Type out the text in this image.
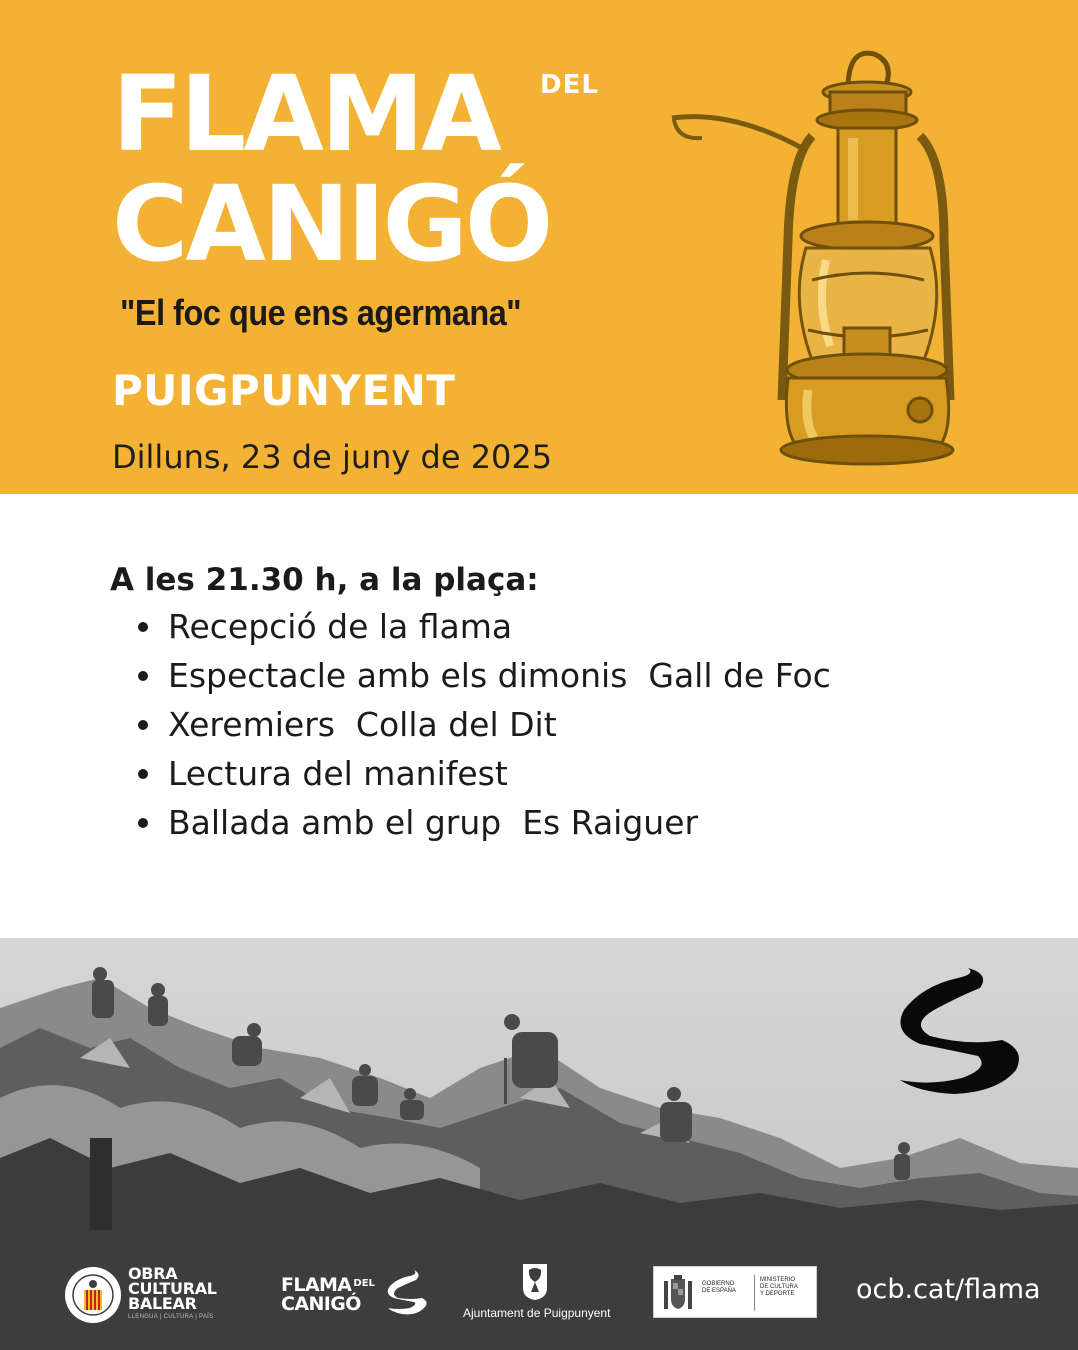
FLAMA DEL
CANIGÓ
"El foc que ens agermana"
PUIGPUNYENT
Dilluns, 23 de juny de 2025
A les 21.30 h, a la plaça:
Recepció de la flama
Espectacle amb els dimonis  Gall de Foc
Xeremiers  Colla del Dit
Lectura del manifest
Ballada amb el grup  Es Raiguer
OBRA
CULTURAL
BALEAR
LLENGUA | CULTURA | PAÍS
FLAMA $^{DEL}$
CANIGÓ	Ajuntament de Puigpunyent
GOBIERNO
DE ESPAÑA
MINISTERIO
DE CULTURA
Y DEPORTE ocb.cat/flama
